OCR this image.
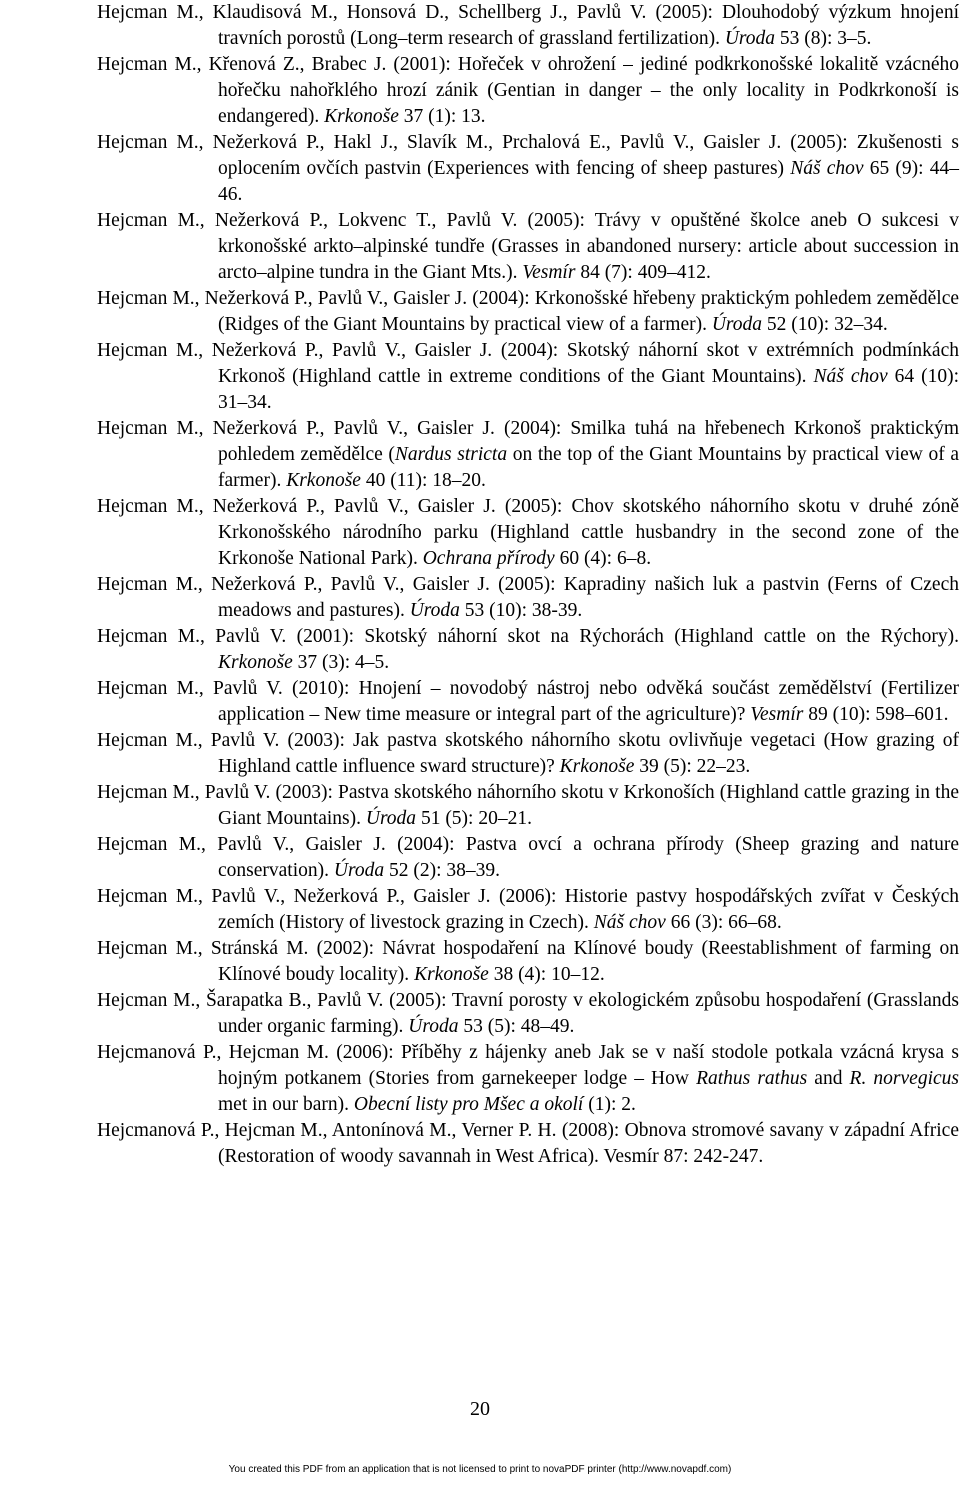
Hejcman M., Klaudisová M., Honsová D., Schellberg J., Pavlů V. (2005): Dlouhodobý výzkum hnojení travních porostů (Long–term research of grassland fertilization). Úroda 53 (8): 3–5.

Hejcman M., Křenová Z., Brabec J. (2001): Hořeček v ohrožení – jediné podkrkonošské lokalitě vzácného hořečku nahořklého hrozí zánik (Gentian in danger – the only locality in Podkrkonoší is endangered). Krkonoše 37 (1): 13.

Hejcman M., Nežerková P., Hakl J., Slavík M., Prchalová E., Pavlů V., Gaisler J. (2005): Zkušenosti s oplocením ovčích pastvin (Experiences with fencing of sheep pastures) Náš chov 65 (9): 44–46.

Hejcman M., Nežerková P., Lokvenc T., Pavlů V. (2005): Trávy v opuštěné školce aneb O sukcesi v krkonošské arkto–alpinské tundře (Grasses in abandoned nursery: article about succession in arcto–alpine tundra in the Giant Mts.). Vesmír 84 (7): 409–412.

Hejcman M., Nežerková P., Pavlů V., Gaisler J. (2004): Krkonošské hřebeny praktickým pohledem zemědělce (Ridges of the Giant Mountains by practical view of a farmer). Úroda 52 (10): 32–34.

Hejcman M., Nežerková P., Pavlů V., Gaisler J. (2004): Skotský náhorní skot v extrémních podmínkách Krkonoš (Highland cattle in extreme conditions of the Giant Mountains). Náš chov 64 (10): 31–34.

Hejcman M., Nežerková P., Pavlů V., Gaisler J. (2004): Smilka tuhá na hřebenech Krkonoš praktickým pohledem zemědělce (Nardus stricta on the top of the Giant Mountains by practical view of a farmer). Krkonoše 40 (11): 18–20.

Hejcman M., Nežerková P., Pavlů V., Gaisler J. (2005): Chov skotského náhorního skotu v druhé zóně Krkonošského národního parku (Highland cattle husbandry in the second zone of the Krkonoše National Park). Ochrana přírody 60 (4): 6–8.

Hejcman M., Nežerková P., Pavlů V., Gaisler J. (2005): Kapradiny našich luk a pastvin (Ferns of Czech meadows and pastures). Úroda 53 (10): 38-39.

Hejcman M., Pavlů V. (2001): Skotský náhorní skot na Rýchorách (Highland cattle on the Rýchory). Krkonoše 37 (3): 4–5.

Hejcman M., Pavlů V. (2010): Hnojení – novodobý nástroj nebo odvěká součást zemědělství (Fertilizer application – New time measure or integral part of the agriculture)? Vesmír 89 (10): 598–601.

Hejcman M., Pavlů V. (2003): Jak pastva skotského náhorního skotu ovlivňuje vegetaci (How grazing of Highland cattle influence sward structure)? Krkonoše 39 (5): 22–23.

Hejcman M., Pavlů V. (2003): Pastva skotského náhorního skotu v Krkonoších (Highland cattle grazing in the Giant Mountains). Úroda 51 (5): 20–21.

Hejcman M., Pavlů V., Gaisler J. (2004): Pastva ovcí a ochrana přírody (Sheep grazing and nature conservation). Úroda 52 (2): 38–39.

Hejcman M., Pavlů V., Nežerková P., Gaisler J. (2006): Historie pastvy hospodářských zvířat v Českých zemích (History of livestock grazing in Czech). Náš chov 66 (3): 66–68.

Hejcman M., Stránská M. (2002): Návrat hospodaření na Klínové boudy (Reestablishment of farming on Klínové boudy locality). Krkonoše 38 (4): 10–12.

Hejcman M., Šarapatka B., Pavlů V. (2005): Travní porosty v ekologickém způsobu hospodaření (Grasslands under organic farming). Úroda 53 (5): 48–49.

Hejcmanová P., Hejcman M. (2006): Příběhy z hájenky aneb Jak se v naší stodole potkala vzácná krysa s hojným potkanem (Stories from garnekeeper lodge – How Rathus rathus and R. norvegicus met in our barn). Obecní listy pro Mšec a okolí (1): 2.

Hejcmanová P., Hejcman M., Antonínová M., Verner P. H. (2008): Obnova stromové savany v západní Africe (Restoration of woody savannah in West Africa). Vesmír 87: 242-247.

20
You created this PDF from an application that is not licensed to print to novaPDF printer (http://www.novapdf.com)
